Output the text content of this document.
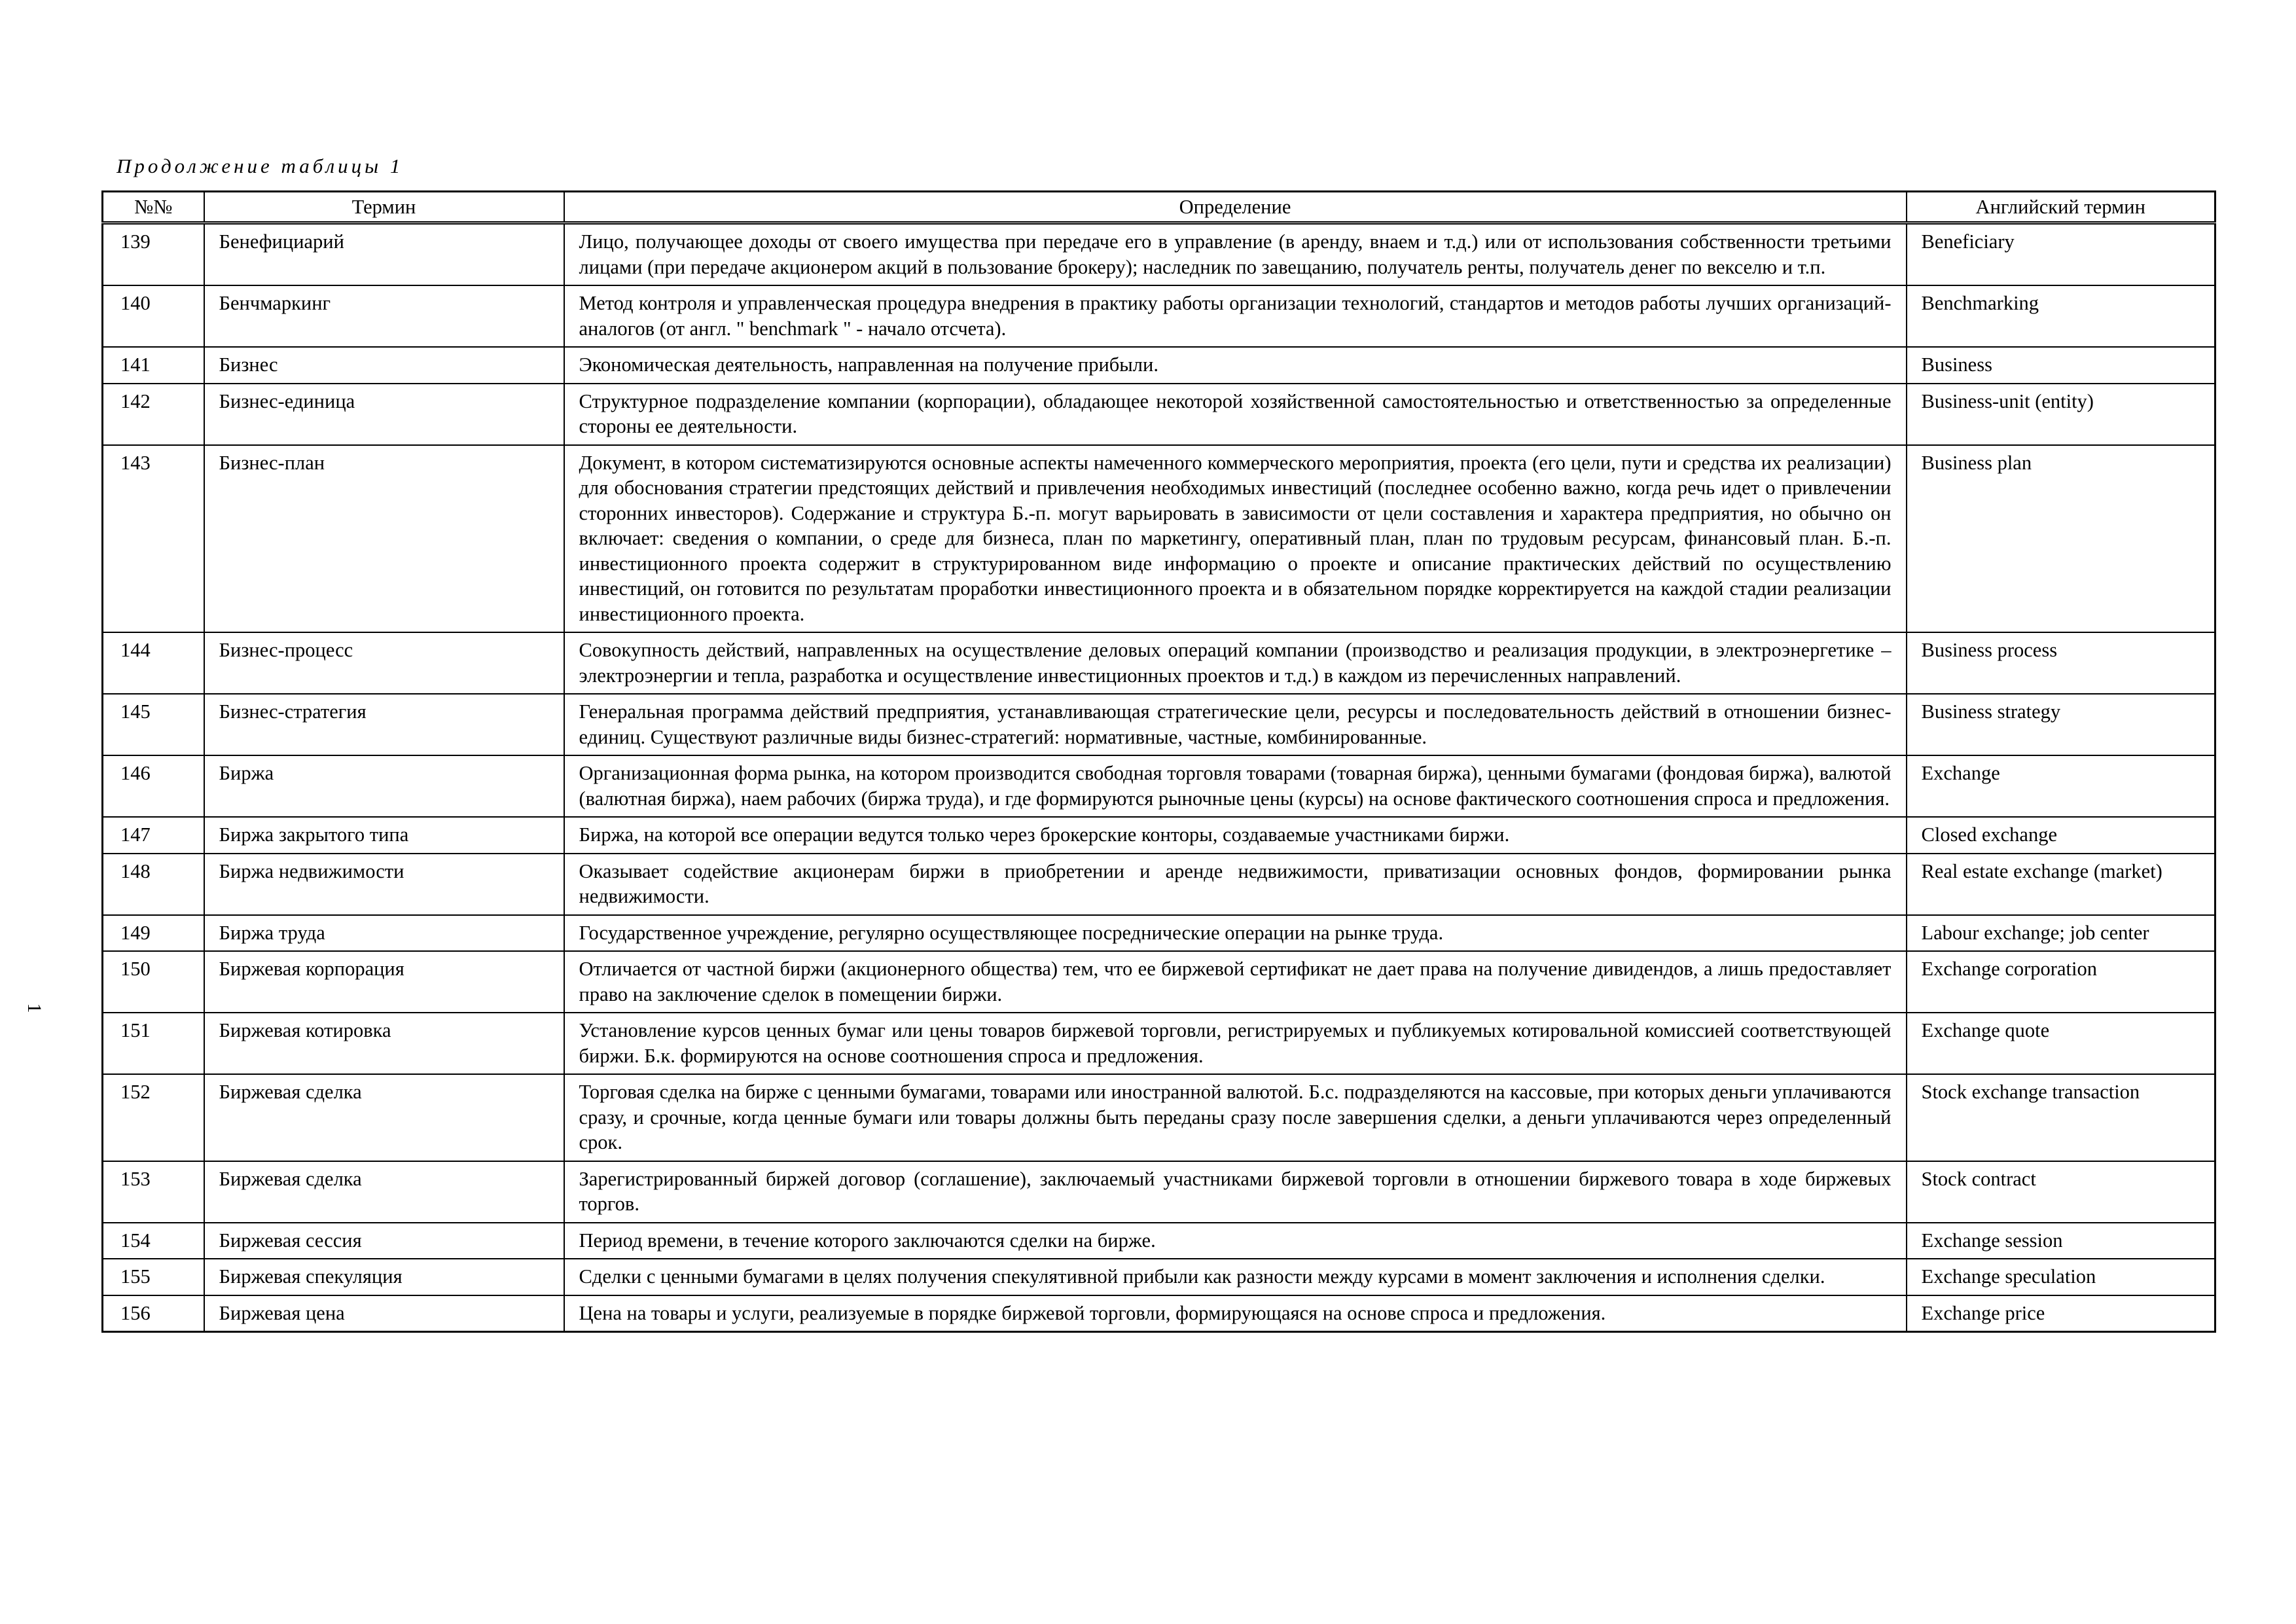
Продолжение таблицы 1
1
№№	Термин	Определение	Английский термин
139	Бенефициарий	Лицо, получающее доходы от своего имущества при передаче его в управление (в аренду, внаем и т.д.) или от использования собственности третьими лицами (при передаче акционером акций в пользование брокеру); наследник по завещанию, получатель ренты, получатель денег по векселю и т.п.	Beneficiary
140	Бенчмаркинг	Метод контроля и управленческая процедура внедрения в практику работы организации технологий, стандартов и методов работы лучших организаций-аналогов (от англ. " benchmark " - начало отсчета).	Benchmarking
141	Бизнес	Экономическая деятельность, направленная на получение прибыли.	Business
142	Бизнес-единица	Структурное подразделение компании (корпорации), обладающее некоторой хозяйственной самостоятельностью и ответственностью за определенные стороны ее деятельности.	Business-unit (entity)
143	Бизнес-план	Документ, в котором систематизируются основные аспекты намеченного коммерческого мероприятия, проекта (его цели, пути и средства их реализации) для обоснования стратегии предстоящих действий и привлечения необходимых инвестиций (последнее особенно важно, когда речь идет о привлечении сторонних инвесторов). Содержание и структура Б.-п. могут варьировать в зависимости от цели составления и характера предприятия, но обычно он включает: сведения о компании, о среде для бизнеса, план по маркетингу, оперативный план, план по трудовым ресурсам, финансовый план. Б.-п. инвестиционного проекта содержит в структурированном виде информацию о проекте и описание практических действий по осуществлению инвестиций, он готовится по результатам проработки инвестиционного проекта и в обязательном порядке корректируется на каждой стадии реализации инвестиционного проекта.	Business plan
144	Бизнес-процесс	Совокупность действий, направленных на осуществление деловых операций компании (производство и реализация продукции, в электроэнергетике – электроэнергии и тепла, разработка и осуществление инвестиционных проектов и т.д.) в каждом из перечисленных направлений.	Business process
145	Бизнес-стратегия	Генеральная программа действий предприятия, устанавливающая стратегические цели, ресурсы и последовательность действий в отношении бизнес-единиц. Существуют различные виды бизнес-стратегий: нормативные, частные, комбинированные.	Business strategy
146	Биржа	Организационная форма рынка, на котором производится свободная торговля товарами (товарная биржа), ценными бумагами (фондовая биржа), валютой (валютная биржа), наем рабочих (биржа труда), и где формируются рыночные цены (курсы) на основе фактического соотношения спроса и предложения.	Exchange
147	Биржа закрытого типа	Биржа, на которой все операции ведутся только через брокерские конторы, создаваемые участниками биржи.	Closed exchange
148	Биржа недвижимости	Оказывает содействие акционерам биржи в приобретении и аренде недвижимости, приватизации основных фондов, формировании рынка недвижимости.	Real estate exchange (market)
149	Биржа труда	Государственное учреждение, регулярно осуществляющее посреднические операции на рынке труда.	Labour exchange; job center
150	Биржевая корпорация	Отличается от частной биржи (акционерного общества) тем, что ее биржевой сертификат не дает права на получение дивидендов, а лишь предоставляет право на заключение сделок в помещении биржи.	Exchange corporation
151	Биржевая котировка	Установление курсов ценных бумаг или цены товаров биржевой торговли, регистрируемых и публикуемых котировальной комиссией соответствующей биржи. Б.к. формируются на основе соотношения спроса и предложения.	Exchange quote
152	Биржевая сделка	Торговая сделка на бирже с ценными бумагами, товарами или иностранной валютой. Б.с. подразделяются на кассовые, при которых деньги уплачиваются сразу, и срочные, когда ценные бумаги или товары должны быть переданы сразу после завершения сделки, а деньги уплачиваются через определенный срок.	Stock exchange transaction
153	Биржевая сделка	Зарегистрированный биржей договор (соглашение), заключаемый участниками биржевой торговли в отношении биржевого товара в ходе биржевых торгов.	Stock contract
154	Биржевая сессия	Период времени, в течение которого заключаются сделки на бирже.	Exchange session
155	Биржевая спекуляция	Сделки с ценными бумагами в целях получения спекулятивной прибыли как разности между курсами в момент заключения и исполнения сделки.	Exchange speculation
156	Биржевая цена	Цена на товары и услуги, реализуемые в порядке биржевой торговли, формирующаяся на основе спроса и предложения.	Exchange price
